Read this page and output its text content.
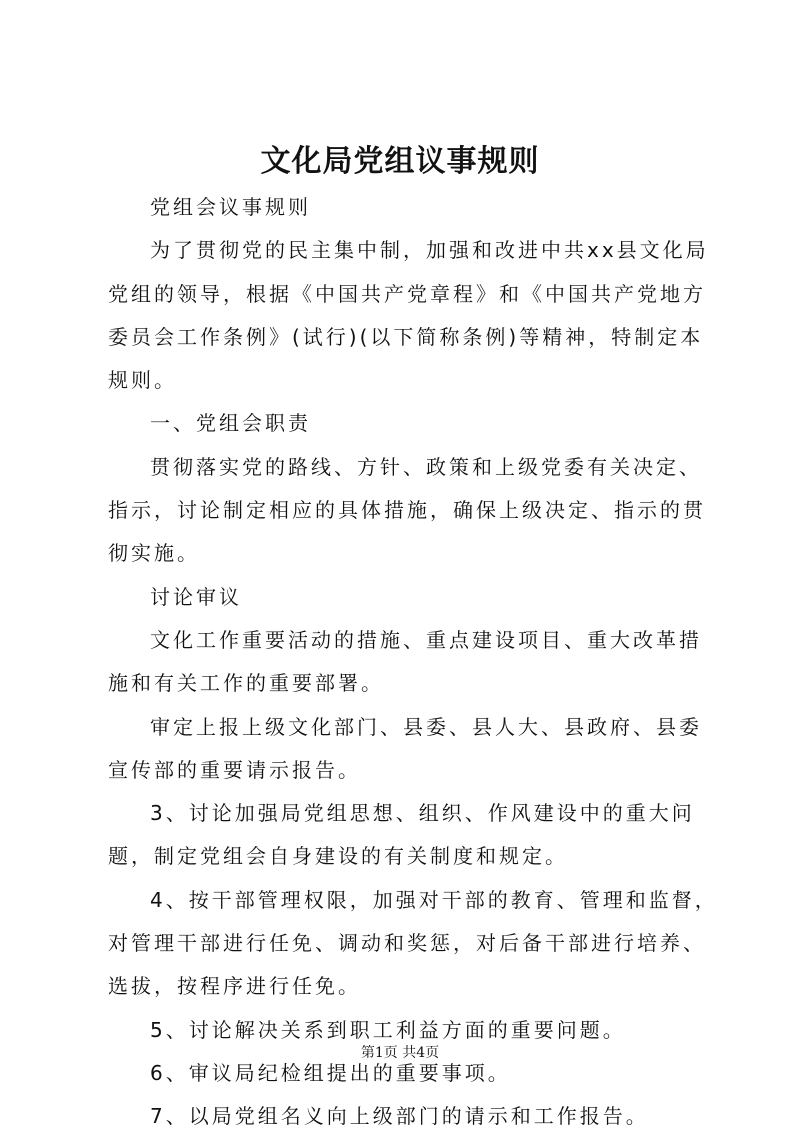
文化局党组议事规则

党组会议事规则

为了贯彻党的民主集中制，加强和改进中共xx县文化局党组的领导，根据《中国共产党章程》和《中国共产党地方委员会工作条例》(试行)(以下简称条例)等精神，特制定本规则。

一、党组会职责

贯彻落实党的路线、方针、政策和上级党委有关决定、指示，讨论制定相应的具体措施，确保上级决定、指示的贯彻实施。

讨论审议

文化工作重要活动的措施、重点建设项目、重大改革措施和有关工作的重要部署。

审定上报上级文化部门、县委、县人大、县政府、县委宣传部的重要请示报告。

3、讨论加强局党组思想、组织、作风建设中的重大问题，制定党组会自身建设的有关制度和规定。

4、按干部管理权限，加强对干部的教育、管理和监督，对管理干部进行任免、调动和奖惩，对后备干部进行培养、选拔，按程序进行任免。

5、讨论解决关系到职工利益方面的重要问题。

6、审议局纪检组提出的重要事项。

7、以局党组名义向上级部门的请示和工作报告。

第1页 共4页
